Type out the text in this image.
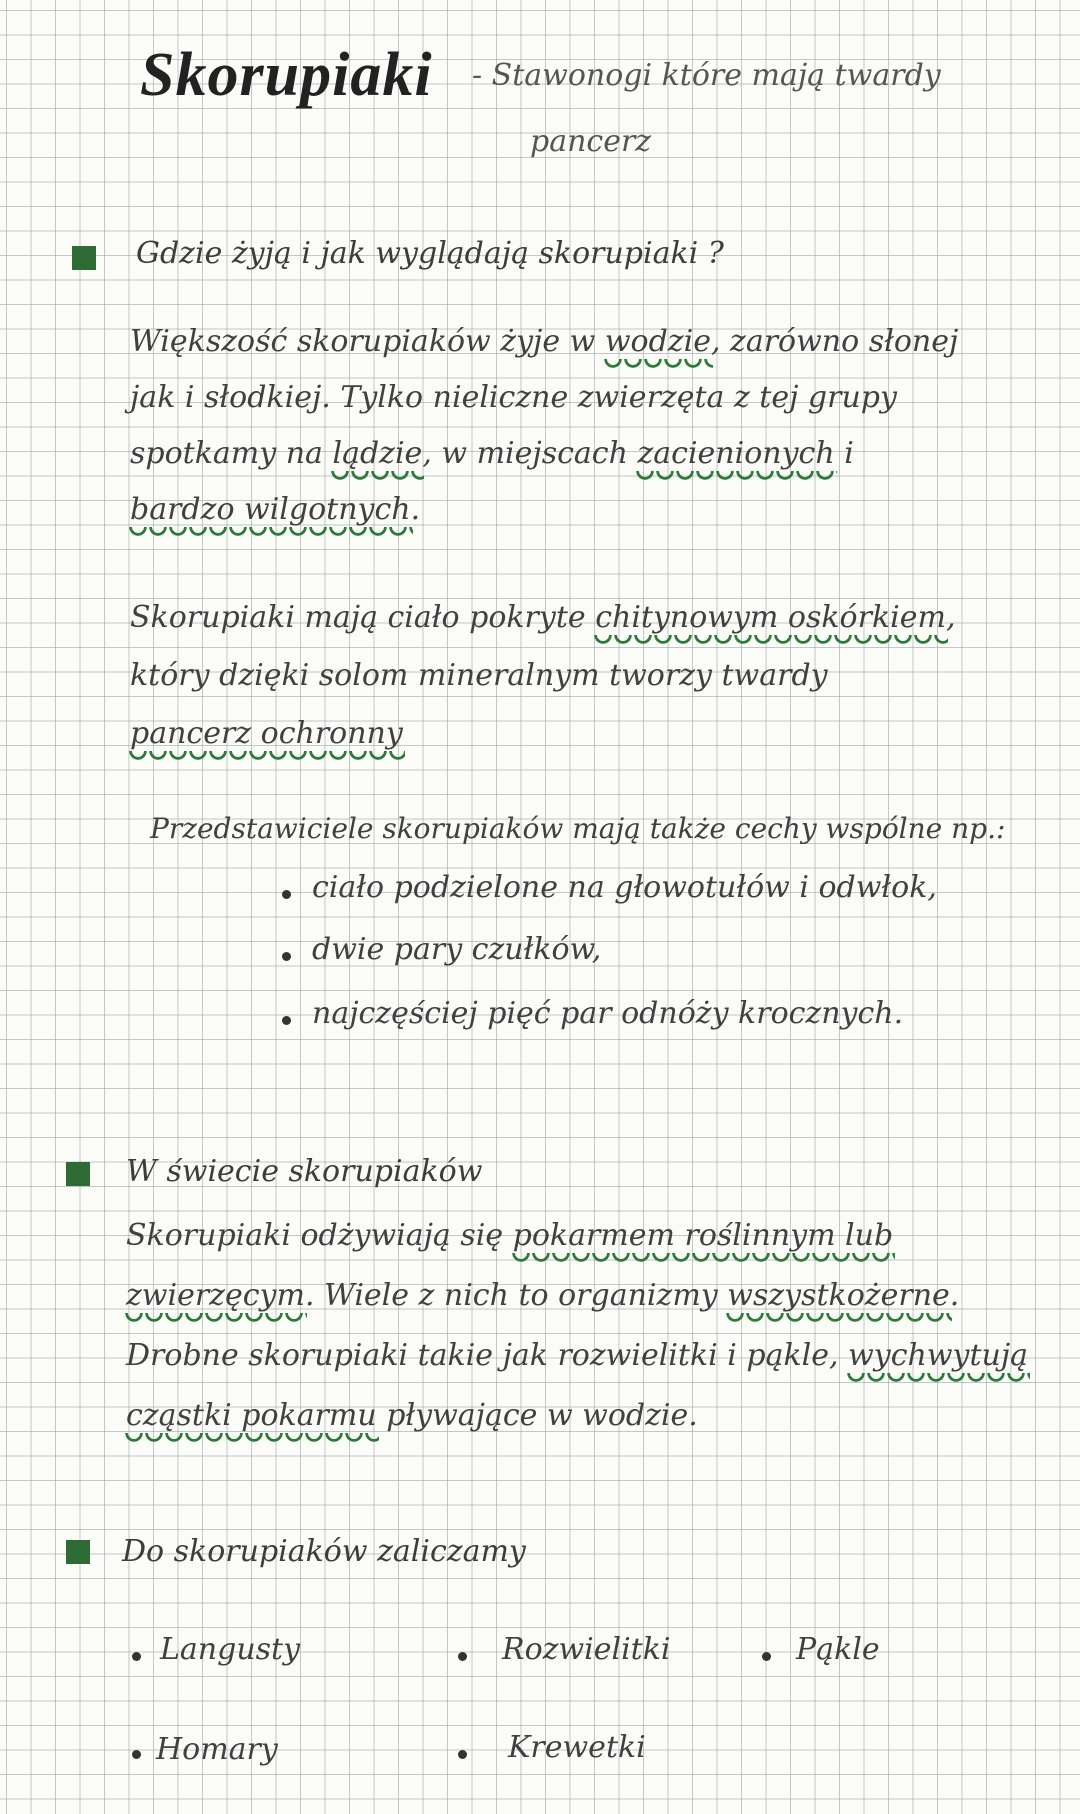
Skorupiaki - Stawonogi które mają twardy
pancerz
Gdzie żyją i jak wyglądają skorupiaki ?
Większość skorupiaków żyje w wodzie, zarówno słonej
jak i słodkiej. Tylko nieliczne zwierzęta z tej grupy
spotkamy na lądzie, w miejscach zacienionych i
bardzo wilgotnych.
Skorupiaki mają ciało pokryte chitynowym oskórkiem,
który dzięki solom mineralnym tworzy twardy
pancerz ochronny
Przedstawiciele skorupiaków mają także cechy wspólne np.:
ciało podzielone na głowotułów i odwłok,
dwie pary czułków,
najczęściej pięć par odnóży krocznych.
W świecie skorupiaków
Skorupiaki odżywiają się pokarmem roślinnym lub
zwierzęcym. Wiele z nich to organizmy wszystkożerne.
Drobne skorupiaki takie jak rozwielitki i pąkle, wychwytują
cząstki pokarmu pływające w wodzie.
Do skorupiaków zaliczamy
Langusty	Rozwielitki	Pąkle
Homary	Krewetki
